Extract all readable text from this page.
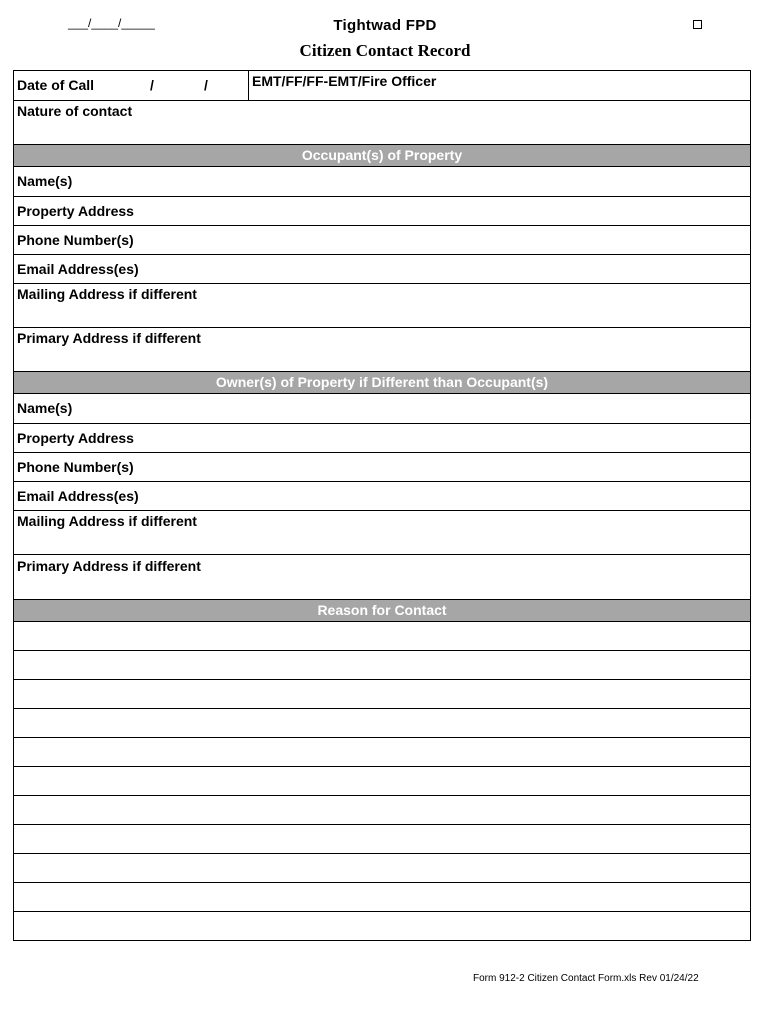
___/____/_____	Tightwad FPD
Citizen Contact Record
Date of Call	/	/	EMT/FF/FF-EMT/Fire Officer
Nature of contact
Occupant(s) of Property
Name(s)
Property Address
Phone Number(s)
Email Address(es)
Mailing Address if different
Primary Address if different
Owner(s) of Property if Different than Occupant(s)
Name(s)
Property Address
Phone Number(s)
Email Address(es)
Mailing Address if different
Primary Address if different
Reason for Contact
Form 912-2 Citizen Contact Form.xls Rev 01/24/22
